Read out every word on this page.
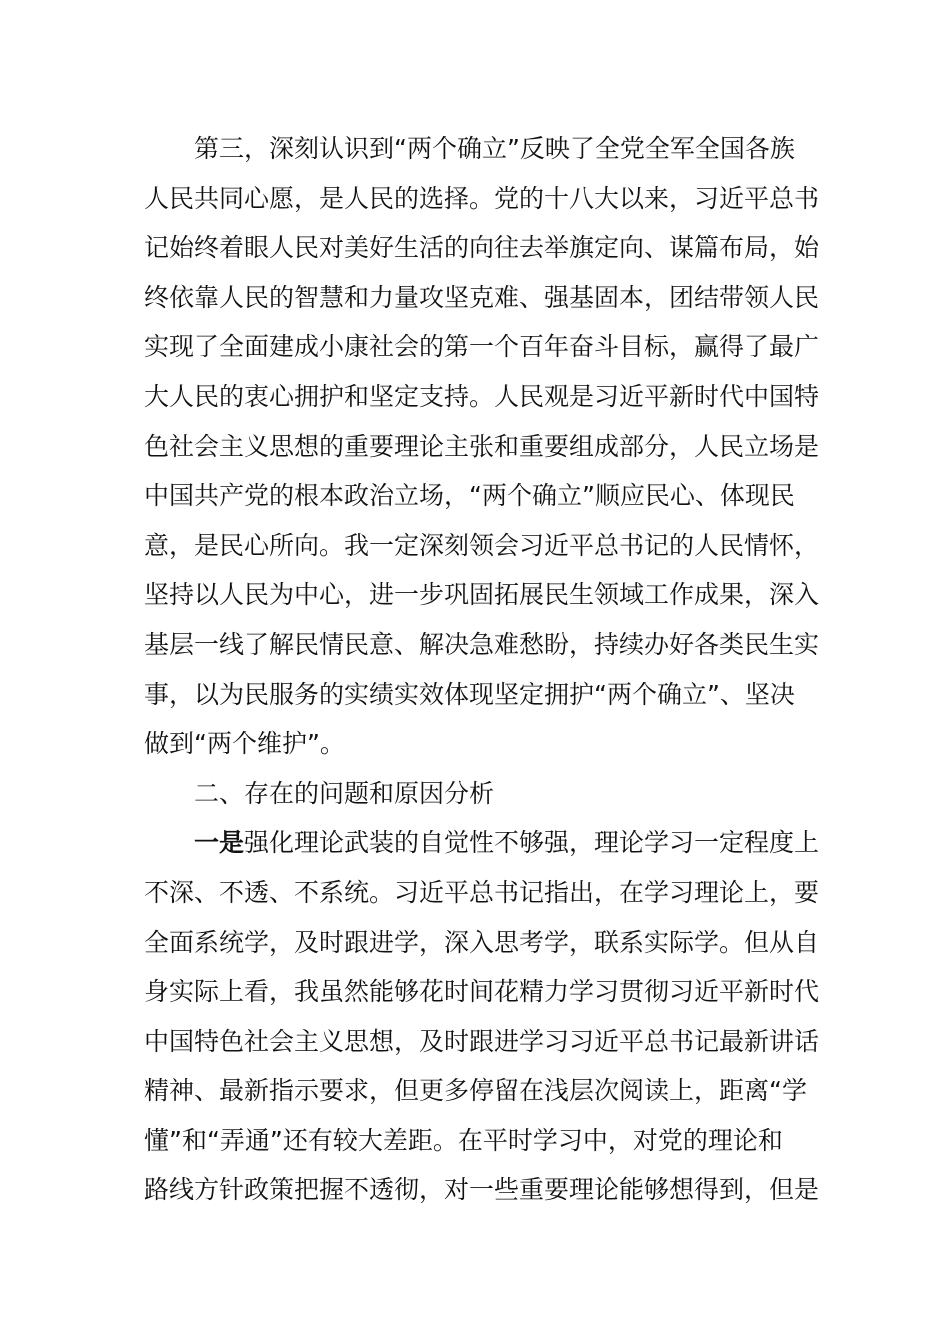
第三，深刻认识到“两个确立”反映了全党全军全国各族
人民共同心愿，是人民的选择。党的十八大以来，习近平总书
记始终着眼人民对美好生活的向往去举旗定向、谋篇布局，始
终依靠人民的智慧和力量攻坚克难、强基固本，团结带领人民
实现了全面建成小康社会的第一个百年奋斗目标，赢得了最广
大人民的衷心拥护和坚定支持。人民观是习近平新时代中国特
色社会主义思想的重要理论主张和重要组成部分，人民立场是
中国共产党的根本政治立场，“两个确立”顺应民心、体现民
意，是民心所向。我一定深刻领会习近平总书记的人民情怀，
坚持以人民为中心，进一步巩固拓展民生领域工作成果，深入
基层一线了解民情民意、解决急难愁盼，持续办好各类民生实
事，以为民服务的实绩实效体现坚定拥护“两个确立”、坚决
做到“两个维护”。
二、存在的问题和原因分析
一是强化理论武装的自觉性不够强，理论学习一定程度上
不深、不透、不系统。习近平总书记指出，在学习理论上，要
全面系统学，及时跟进学，深入思考学，联系实际学。但从自
身实际上看，我虽然能够花时间花精力学习贯彻习近平新时代
中国特色社会主义思想，及时跟进学习习近平总书记最新讲话
精神、最新指示要求，但更多停留在浅层次阅读上，距离“学
懂”和“弄通”还有较大差距。在平时学习中，对党的理论和
路线方针政策把握不透彻，对一些重要理论能够想得到，但是
